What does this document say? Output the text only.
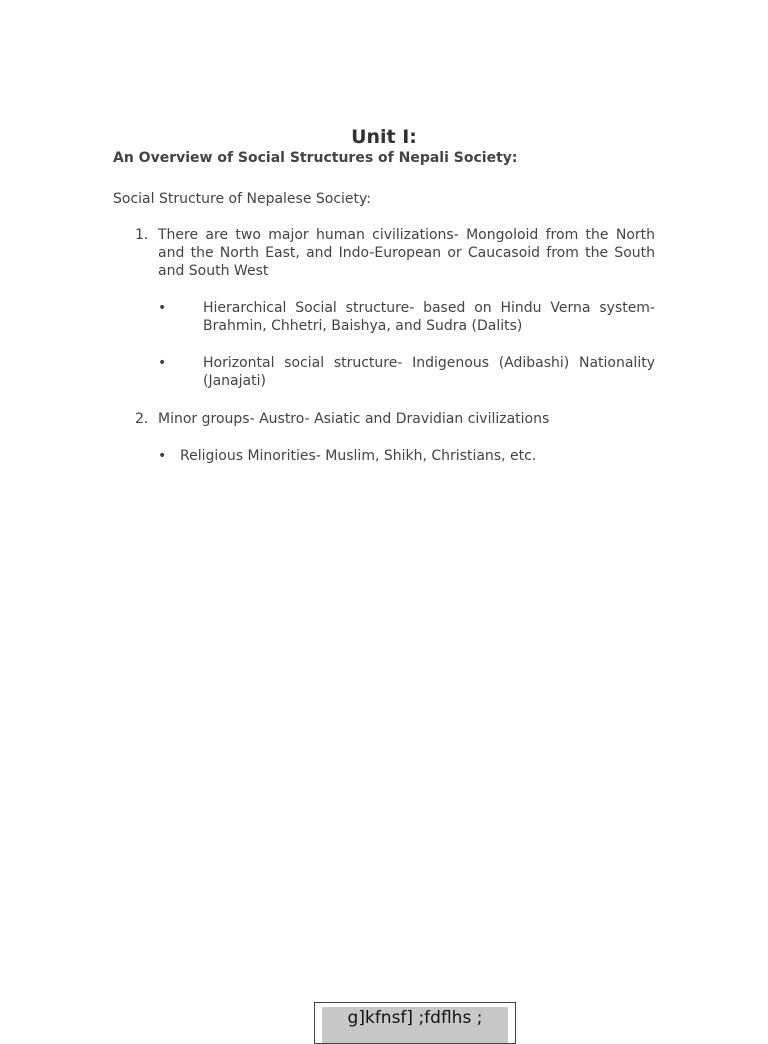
Unit I:
An Overview of Social Structures of Nepali Society:

Social Structure of Nepalese Society:

1. There are two major human civilizations- Mongoloid from the North and the North East, and Indo-European or Caucasoid from the South and South West

•	Hierarchical Social structure- based on Hindu Verna system- Brahmin, Chhetri, Baishya, and Sudra (Dalits)

•	Horizontal social structure- Indigenous (Adibashi) Nationality (Janajati)

2. Minor groups- Austro- Asiatic and Dravidian civilizations

• Religious Minorities- Muslim, Shikh, Christians, etc.

g]kfnsf] ;fdflhs ;
